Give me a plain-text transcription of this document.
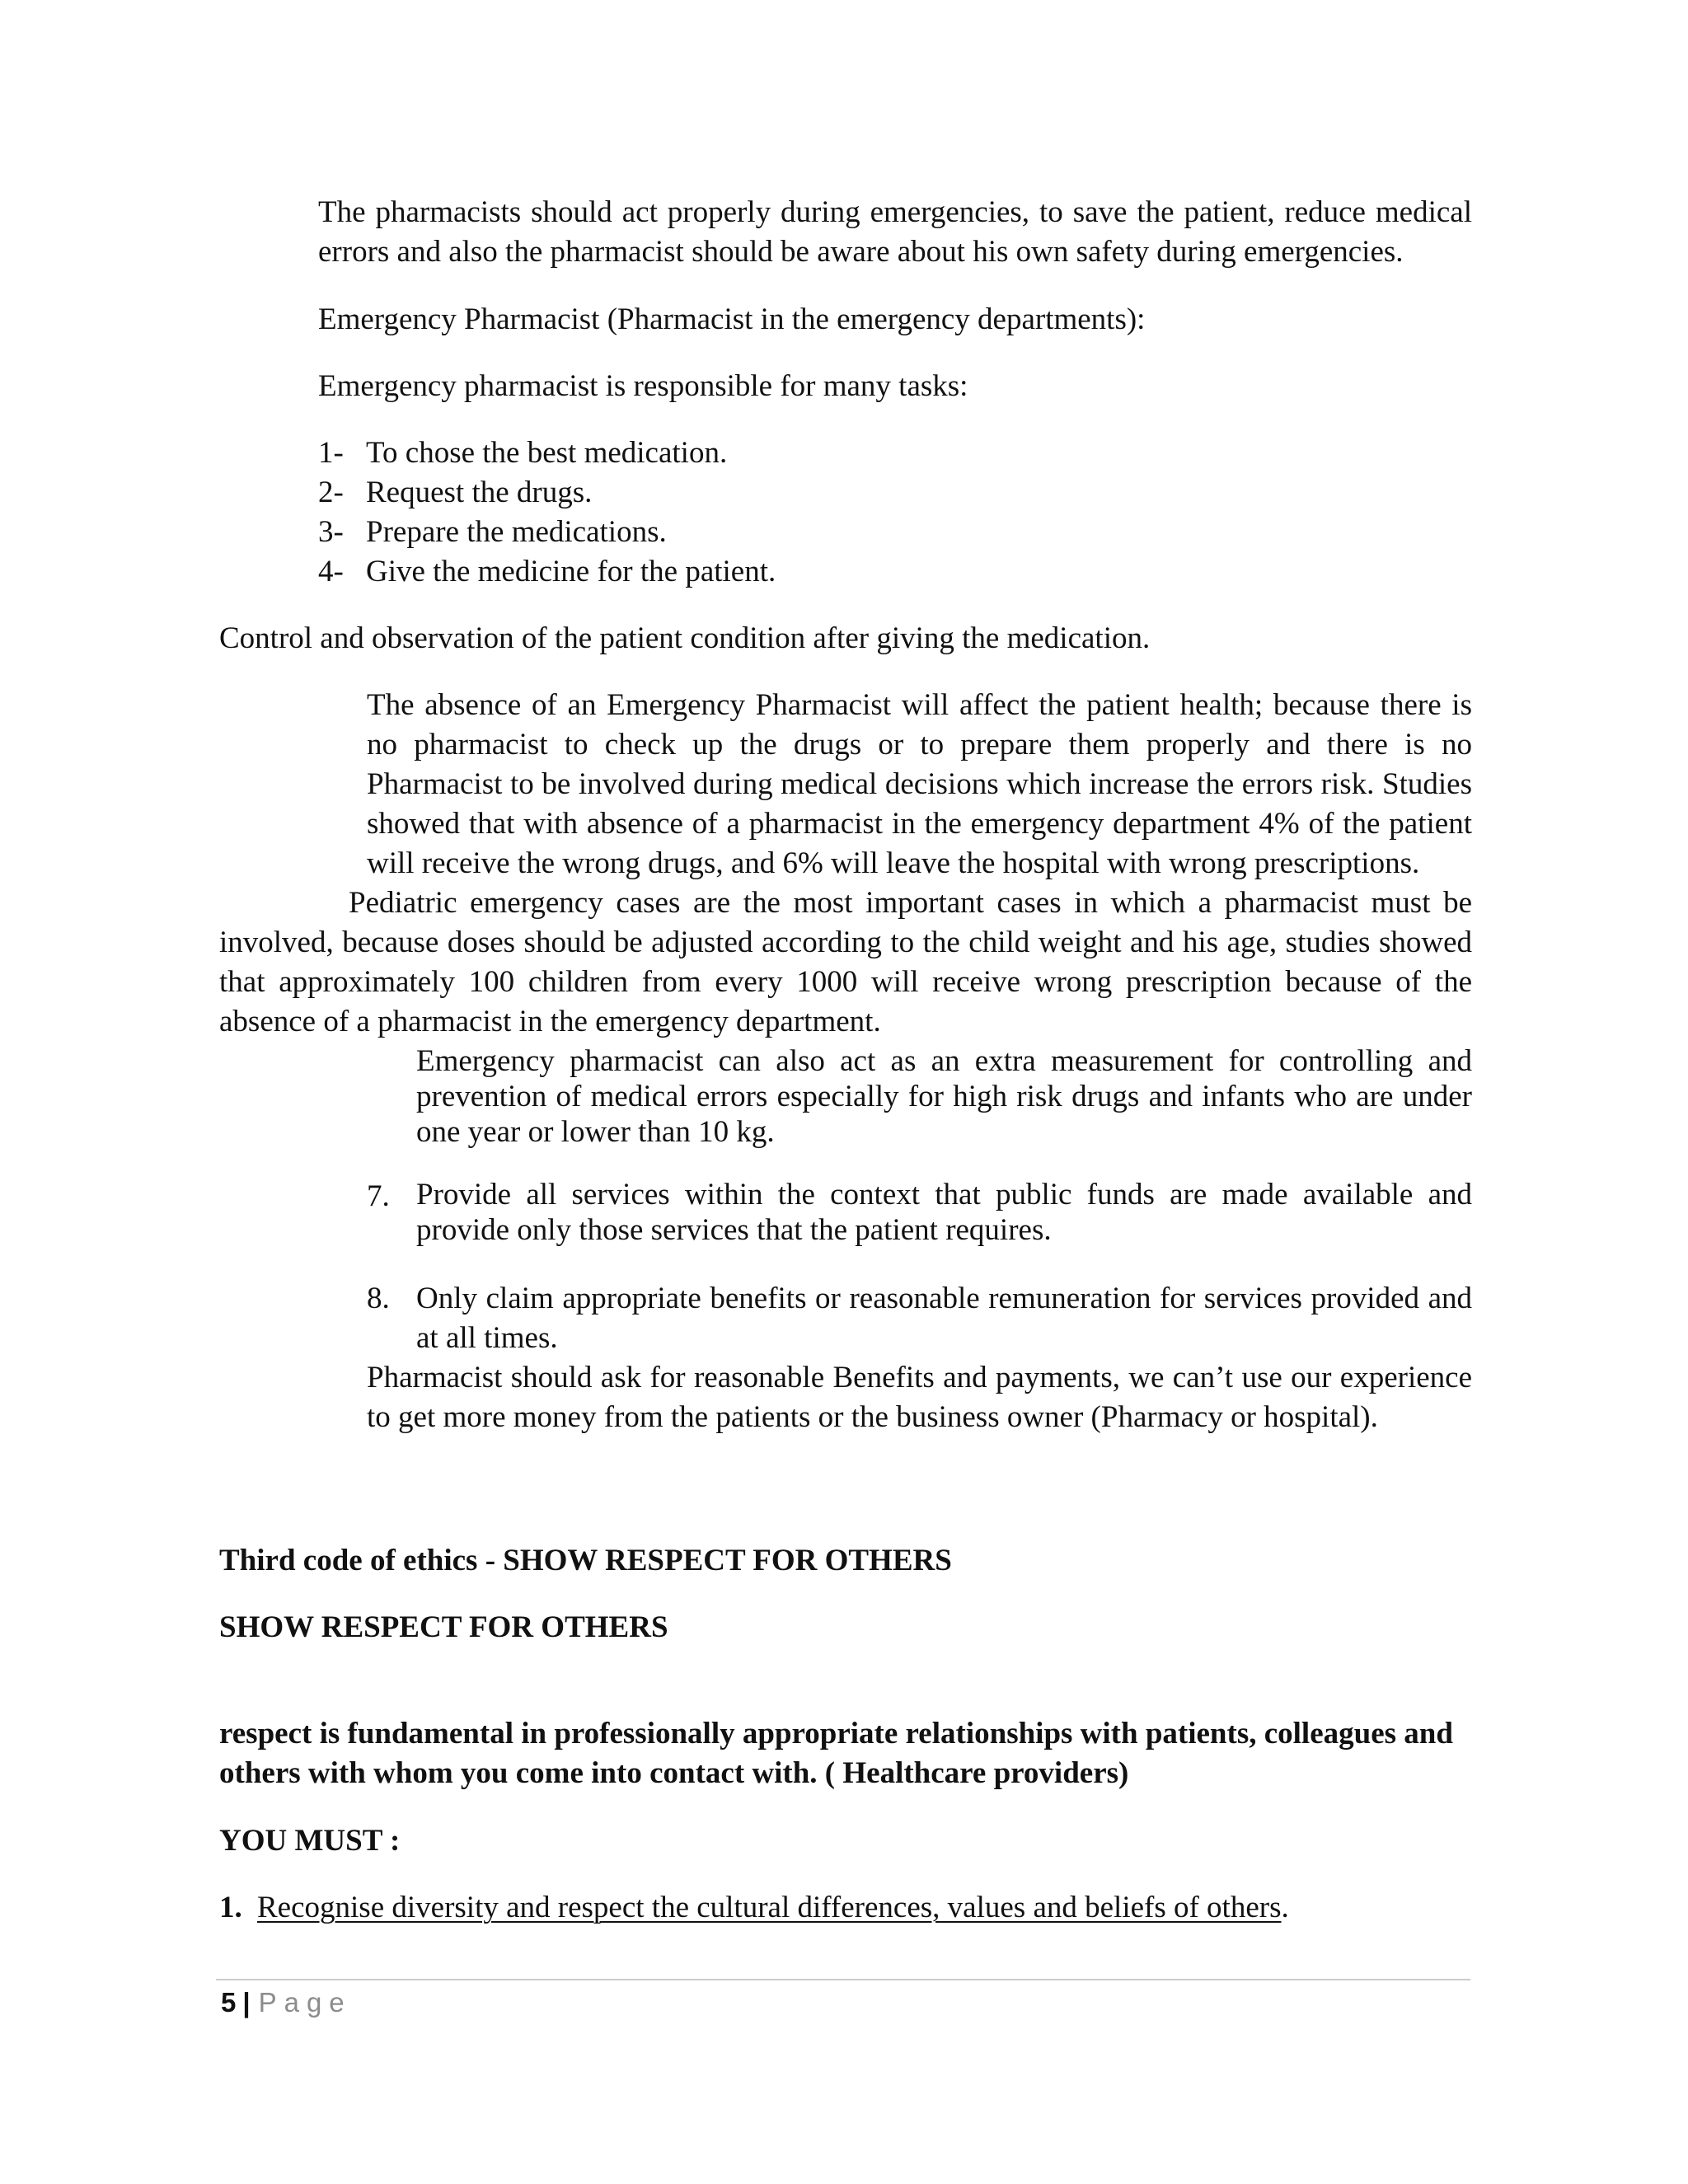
The pharmacists should act properly during emergencies, to save the patient, reduce medical errors and also the pharmacist should be aware about his own safety during emergencies.

Emergency Pharmacist (Pharmacist in the emergency departments):

Emergency pharmacist is responsible for many tasks:

1- To chose the best medication.
2- Request the drugs.
3- Prepare the medications.
4- Give the medicine for the patient.

Control and observation of the patient condition after giving the medication.

The absence of an Emergency Pharmacist will affect the patient health; because there is no pharmacist to check up the drugs or to prepare them properly and there is no Pharmacist to be involved during medical decisions which increase the errors risk. Studies showed that with absence of a pharmacist in the emergency department 4% of the patient will receive the wrong drugs, and 6% will leave the hospital with wrong prescriptions.

Pediatric emergency cases are the most important cases in which a pharmacist must be involved, because doses should be adjusted according to the child weight and his age, studies showed that approximately 100 children from every 1000 will receive wrong prescription because of the absence of a pharmacist in the emergency department.

Emergency pharmacist can also act as an extra measurement for controlling and prevention of medical errors especially for high risk drugs and infants who are under one year or lower than 10 kg.

7. Provide all services within the context that public funds are made available and provide only those services that the patient requires.
8. Only claim appropriate benefits or reasonable remuneration for services provided and at all times.

Pharmacist should ask for reasonable Benefits and payments, we can’t use our experience to get more money from the patients or the business owner (Pharmacy or hospital).

Third code of ethics - SHOW RESPECT FOR OTHERS

SHOW RESPECT FOR OTHERS

respect is fundamental in professionally appropriate relationships with patients, colleagues and others with whom you come into contact with. ( Healthcare providers)

YOU MUST :

1. Recognise diversity and respect the cultural differences, values and beliefs of others.
5 | Page
